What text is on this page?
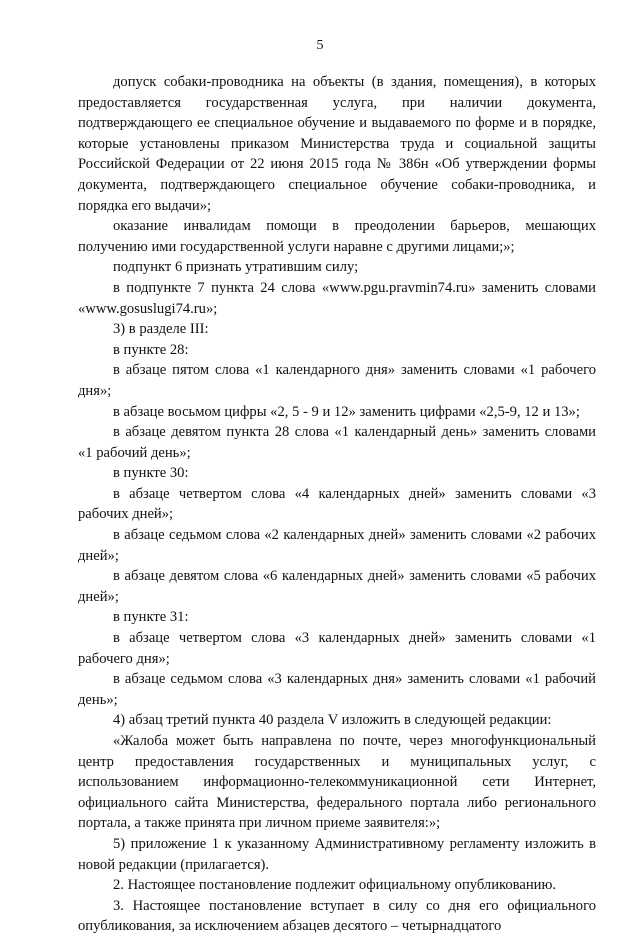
5

допуск собаки-проводника на объекты (в здания, помещения), в которых предоставляется государственная услуга, при наличии документа, подтверждающего ее специальное обучение и выдаваемого по форме и в порядке, которые установлены приказом Министерства труда и социальной защиты Российской Федерации от 22 июня 2015 года № 386н «Об утверждении формы документа, подтверждающего специальное обучение собаки-проводника, и порядка его выдачи»;

оказание инвалидам помощи в преодолении барьеров, мешающих получению ими государственной услуги наравне с другими лицами;»;

подпункт 6 признать утратившим силу;

в подпункте 7 пункта 24 слова «www.pgu.pravmin74.ru» заменить словами «www.gosuslugi74.ru»;

3) в разделе III:

в пункте 28:

в абзаце пятом слова «1 календарного дня» заменить словами «1 рабочего дня»;

в абзаце восьмом цифры «2, 5 - 9 и 12» заменить цифрами «2,5-9, 12 и 13»;

в абзаце девятом пункта 28 слова «1 календарный день» заменить словами «1 рабочий день»;

в пункте 30:

в абзаце четвертом слова «4 календарных дней» заменить словами «3 рабочих дней»;

в абзаце седьмом слова «2 календарных дней» заменить словами «2 рабочих дней»;

в абзаце девятом слова «6 календарных дней» заменить словами «5 рабочих дней»;

в пункте 31:

в абзаце четвертом слова «3 календарных дней» заменить словами «1 рабочего дня»;

в абзаце седьмом слова «3 календарных дня» заменить словами «1 рабочий день»;

4) абзац третий пункта 40 раздела V изложить в следующей редакции:

«Жалоба может быть направлена по почте, через многофункциональный центр предоставления государственных и муниципальных услуг, с использованием информационно-телекоммуникационной сети Интернет, официального сайта Министерства, федерального портала либо регионального портала, а также принята при личном приеме заявителя:»;

5) приложение 1 к указанному Административному регламенту изложить в новой редакции (прилагается).

2. Настоящее постановление подлежит официальному опубликованию.

3. Настоящее постановление вступает в силу со дня его официального опубликования, за исключением абзацев десятого – четырнадцатого
